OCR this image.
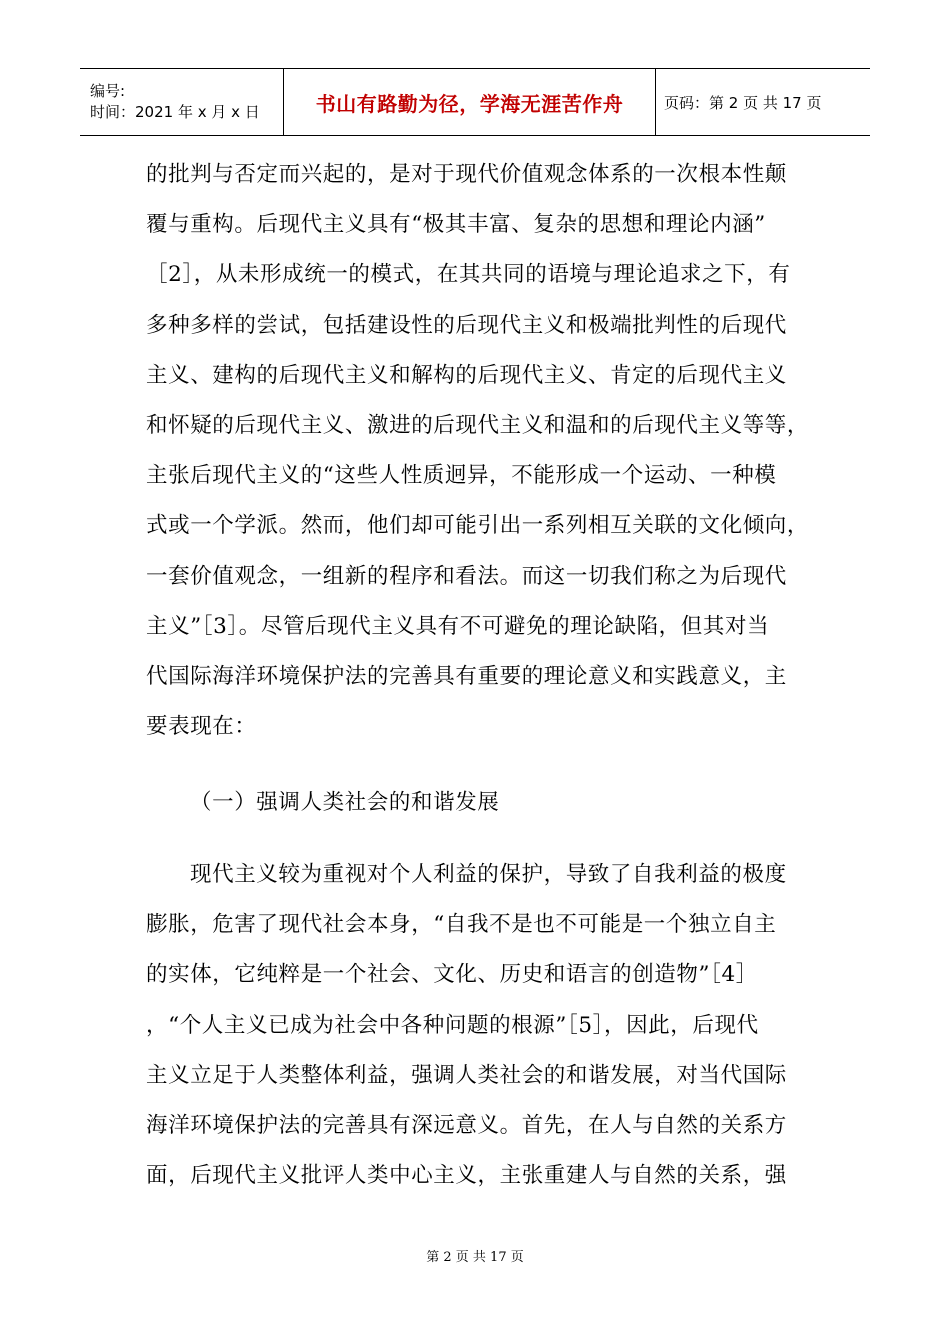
编号:
时间：2021 年 x 月 x 日	书山有路勤为径，学海无涯苦作舟	页码：第 2 页 共 17 页
的批判与否定而兴起的，是对于现代价值观念体系的一次根本性颠
覆与重构。后现代主义具有“极其丰富、复杂的思想和理论内涵”
［2］，从未形成统一的模式，在其共同的语境与理论追求之下，有
多种多样的尝试，包括建设性的后现代主义和极端批判性的后现代
主义、建构的后现代主义和解构的后现代主义、肯定的后现代主义
和怀疑的后现代主义、激进的后现代主义和温和的后现代主义等等，
主张后现代主义的“这些人性质迥异，不能形成一个运动、一种模
式或一个学派。然而，他们却可能引出一系列相互关联的文化倾向，
一套价值观念，一组新的程序和看法。而这一切我们称之为后现代
主义”［3］。尽管后现代主义具有不可避免的理论缺陷，但其对当
代国际海洋环境保护法的完善具有重要的理论意义和实践意义，主
要表现在：
（一）强调人类社会的和谐发展
现代主义较为重视对个人利益的保护，导致了自我利益的极度
膨胀，危害了现代社会本身，“自我不是也不可能是一个独立自主
的实体，它纯粹是一个社会、文化、历史和语言的创造物”［4］
，“个人主义已成为社会中各种问题的根源”［5］，因此，后现代
主义立足于人类整体利益，强调人类社会的和谐发展，对当代国际
海洋环境保护法的完善具有深远意义。首先，在人与自然的关系方
面，后现代主义批评人类中心主义，主张重建人与自然的关系，强
第 2 页 共 17 页
